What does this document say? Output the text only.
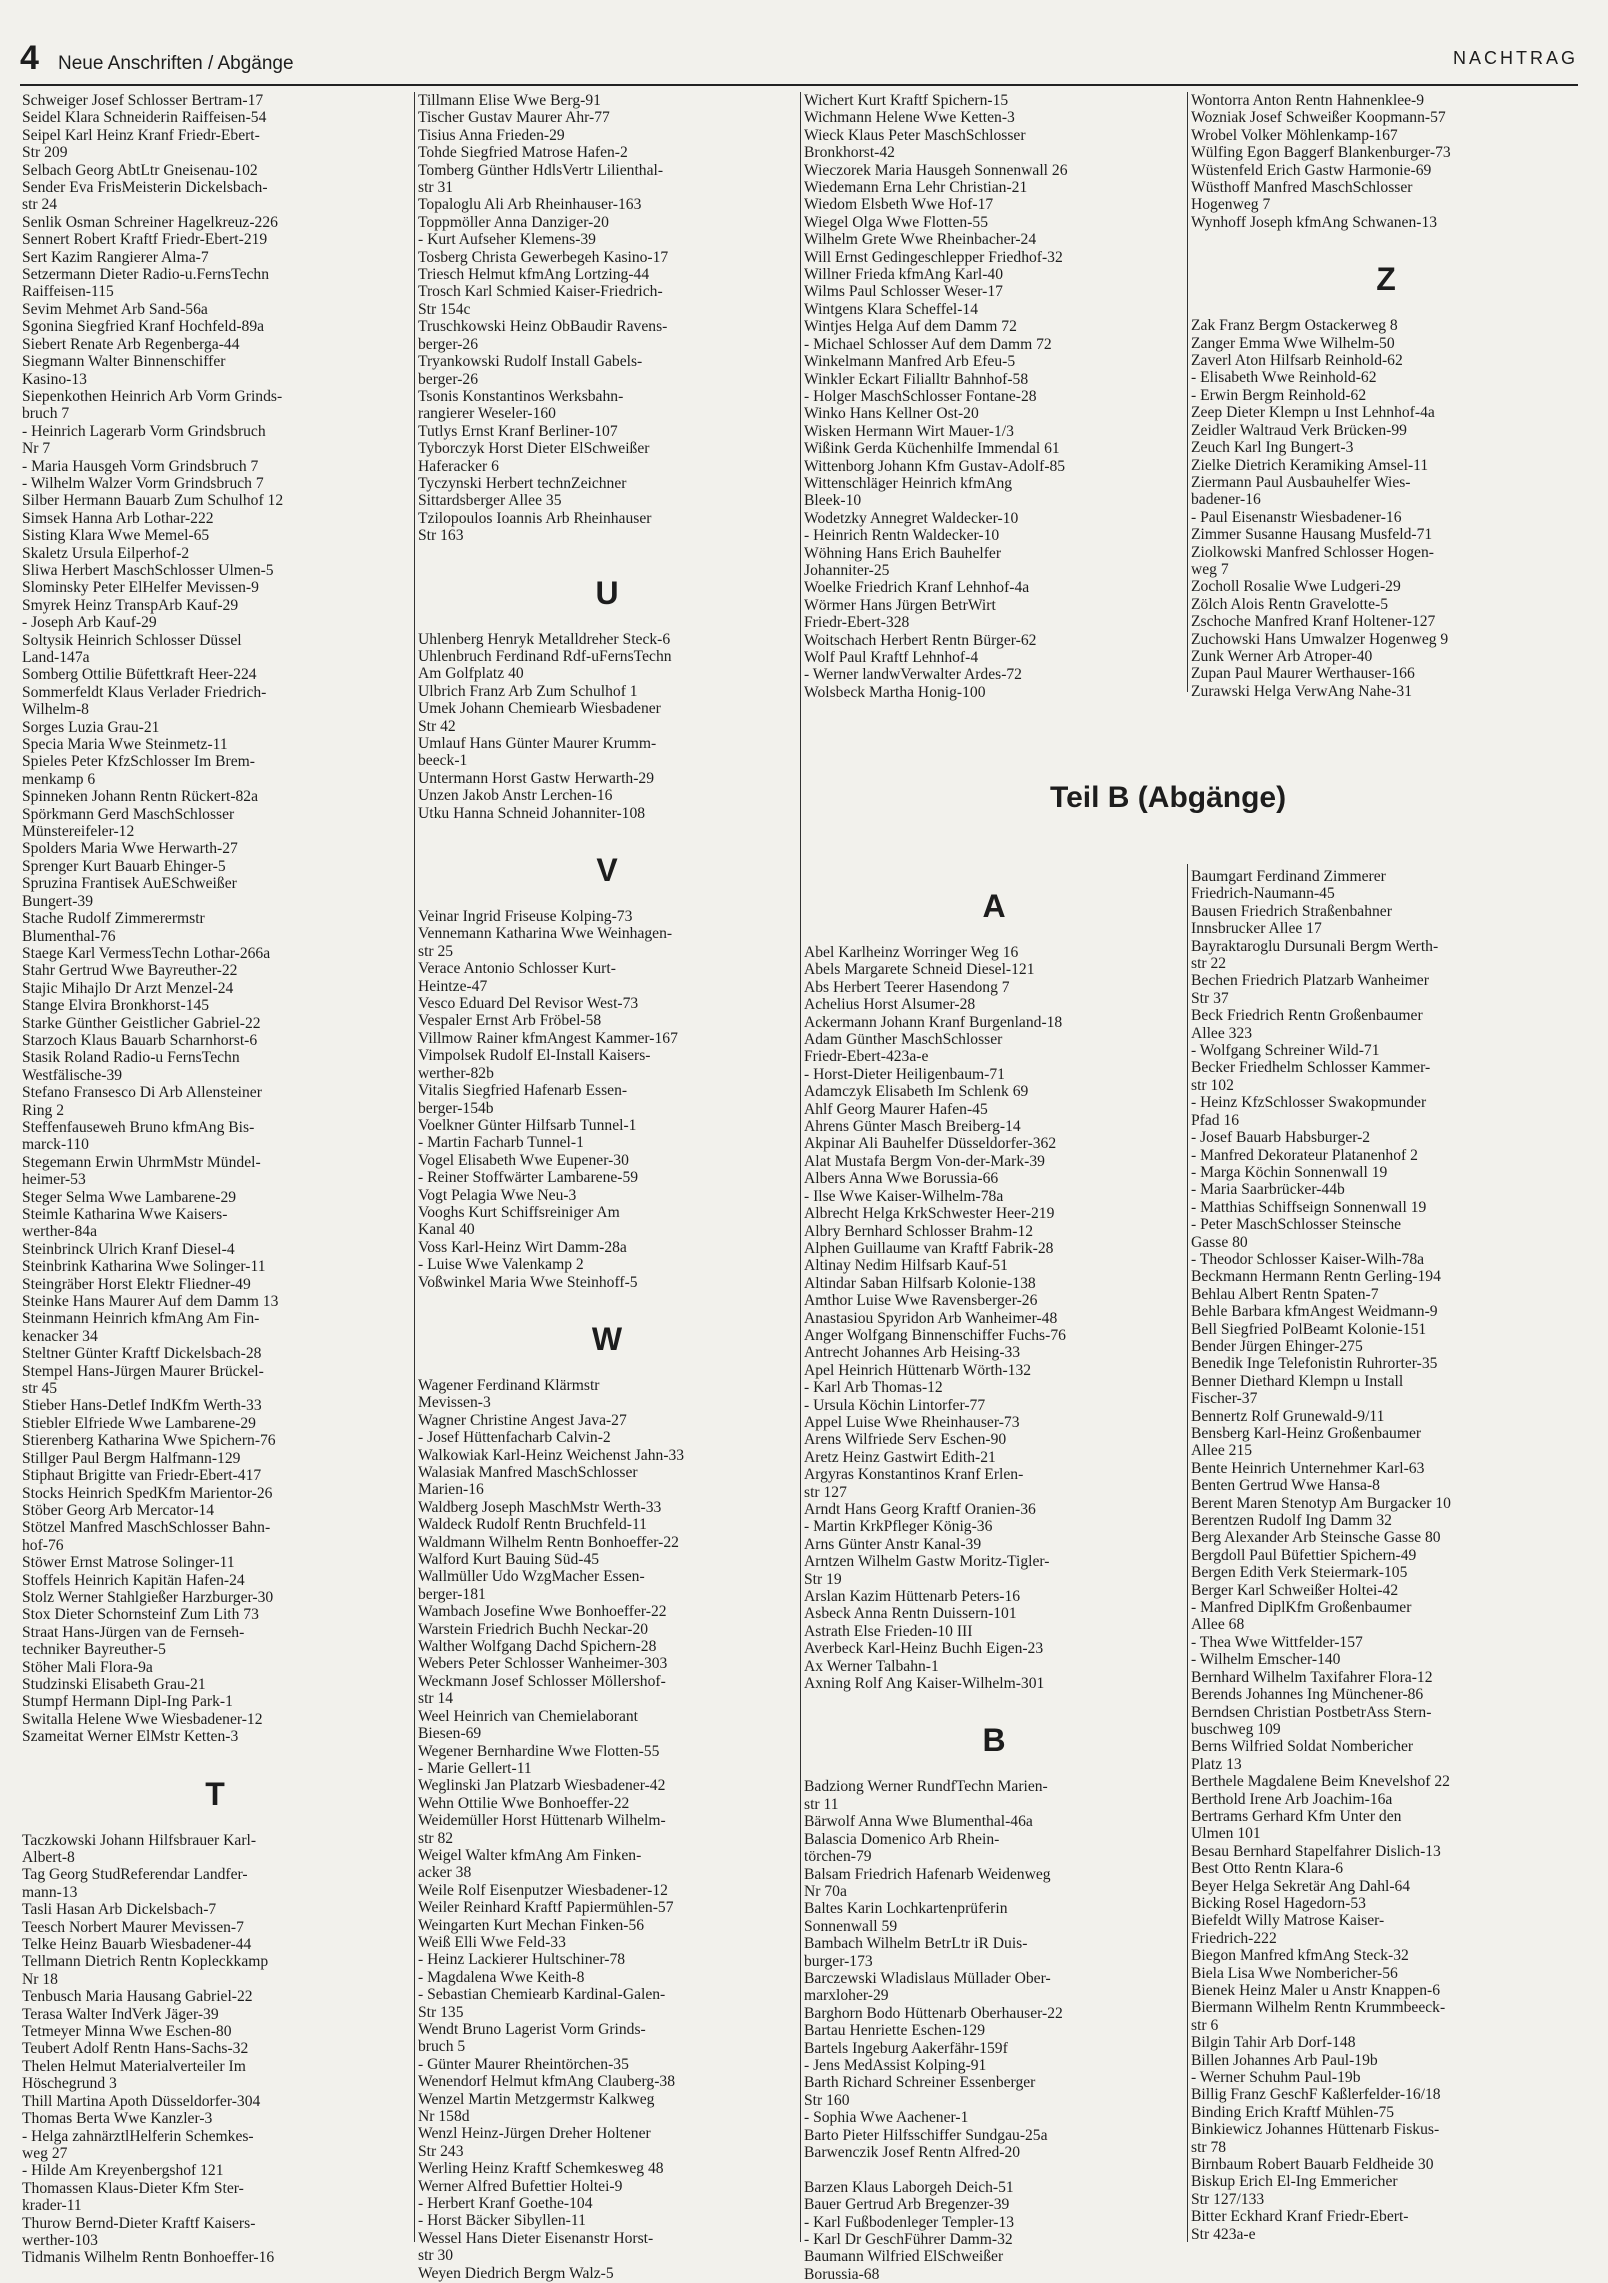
4 Neue Anschriften / Abgänge	NACHTRAG

Schweiger Josef Schlosser Bertram-17

Seidel Klara Schneiderin Raiffeisen-54

Seipel Karl Heinz Kranf Friedr-Ebert-

Str 209

Selbach Georg AbtLtr Gneisenau-102

Sender Eva FrisMeisterin Dickelsbach-

str 24

Senlik Osman Schreiner Hagelkreuz-226

Sennert Robert Kraftf Friedr-Ebert-219

Sert Kazim Rangierer Alma-7

Setzermann Dieter Radio-u.FernsTechn

Raiffeisen-115

Sevim Mehmet Arb Sand-56a

Sgonina Siegfried Kranf Hochfeld-89a

Siebert Renate Arb Regenberga-44

Siegmann Walter Binnenschiffer

Kasino-13

Siepenkothen Heinrich Arb Vorm Grinds-

bruch 7

- Heinrich Lagerarb Vorm Grindsbruch

Nr 7

- Maria Hausgeh Vorm Grindsbruch 7

- Wilhelm Walzer Vorm Grindsbruch 7

Silber Hermann Bauarb Zum Schulhof 12

Simsek Hanna Arb Lothar-222

Sisting Klara Wwe Memel-65

Skaletz Ursula Eilperhof-2

Sliwa Herbert MaschSchlosser Ulmen-5

Slominsky Peter ElHelfer Mevissen-9

Smyrek Heinz TranspArb Kauf-29

- Joseph Arb Kauf-29

Soltysik Heinrich Schlosser Düssel

Land-147a

Somberg Ottilie Büfettkraft Heer-224

Sommerfeldt Klaus Verlader Friedrich-

Wilhelm-8

Sorges Luzia Grau-21

Specia Maria Wwe Steinmetz-11

Spieles Peter KfzSchlosser Im Brem-

menkamp 6

Spinneken Johann Rentn Rückert-82a

Spörkmann Gerd MaschSchlosser

Münstereifeler-12

Spolders Maria Wwe Herwarth-27

Sprenger Kurt Bauarb Ehinger-5

Spruzina Frantisek AuESchweißer

Bungert-39

Stache Rudolf Zimmerermstr

Blumenthal-76

Staege Karl VermessTechn Lothar-266a

Stahr Gertrud Wwe Bayreuther-22

Stajic Mihajlo Dr Arzt Menzel-24

Stange Elvira Bronkhorst-145

Starke Günther Geistlicher Gabriel-22

Starzoch Klaus Bauarb Scharnhorst-6

Stasik Roland Radio-u FernsTechn

Westfälische-39

Stefano Fransesco Di Arb Allensteiner

Ring 2

Steffenfauseweh Bruno kfmAng Bis-

marck-110

Stegemann Erwin UhrmMstr Mündel-

heimer-53

Steger Selma Wwe Lambarene-29

Steimle Katharina Wwe Kaisers-

werther-84a

Steinbrinck Ulrich Kranf Diesel-4

Steinbrink Katharina Wwe Solinger-11

Steingräber Horst Elektr Fliedner-49

Steinke Hans Maurer Auf dem Damm 13

Steinmann Heinrich kfmAng Am Fin-

kenacker 34

Steltner Günter Kraftf Dickelsbach-28

Stempel Hans-Jürgen Maurer Brückel-

str 45

Stieber Hans-Detlef IndKfm Werth-33

Stiebler Elfriede Wwe Lambarene-29

Stierenberg Katharina Wwe Spichern-76

Stillger Paul Bergm Halfmann-129

Stiphaut Brigitte van Friedr-Ebert-417

Stocks Heinrich SpedKfm Marientor-26

Stöber Georg Arb Mercator-14

Stötzel Manfred MaschSchlosser Bahn-

hof-76

Stöwer Ernst Matrose Solinger-11

Stoffels Heinrich Kapitän Hafen-24

Stolz Werner Stahlgießer Harzburger-30

Stox Dieter Schornsteinf Zum Lith 73

Straat Hans-Jürgen van de Fernseh-

techniker Bayreuther-5

Stöher Mali Flora-9a

Studzinski Elisabeth Grau-21

Stumpf Hermann Dipl-Ing Park-1

Switalla Helene Wwe Wiesbadener-12

Szameitat Werner ElMstr Ketten-3

T

Taczkowski Johann Hilfsbrauer Karl-

Albert-8

Tag Georg StudReferendar Landfer-

mann-13

Tasli Hasan Arb Dickelsbach-7

Teesch Norbert Maurer Mevissen-7

Telke Heinz Bauarb Wiesbadener-44

Tellmann Dietrich Rentn Kopleckkamp

Nr 18

Tenbusch Maria Hausang Gabriel-22

Terasa Walter IndVerk Jäger-39

Tetmeyer Minna Wwe Eschen-80

Teubert Adolf Rentn Hans-Sachs-32

Thelen Helmut Materialverteiler Im

Höschegrund 3

Thill Martina Apoth Düsseldorfer-304

Thomas Berta Wwe Kanzler-3

- Helga zahnärztlHelferin Schemkes-

weg 27

- Hilde Am Kreyenbergshof 121

Thomassen Klaus-Dieter Kfm Ster-

krader-11

Thurow Bernd-Dieter Kraftf Kaisers-

werther-103

Tidmanis Wilhelm Rentn Bonhoeffer-16

Tillmann Elise Wwe Berg-91

Tischer Gustav Maurer Ahr-77

Tisius Anna Frieden-29

Tohde Siegfried Matrose Hafen-2

Tomberg Günther HdlsVertr Lilienthal-

str 31

Topaloglu Ali Arb Rheinhauser-163

Toppmöller Anna Danziger-20

- Kurt Aufseher Klemens-39

Tosberg Christa Gewerbegeh Kasino-17

Triesch Helmut kfmAng Lortzing-44

Trosch Karl Schmied Kaiser-Friedrich-

Str 154c

Truschkowski Heinz ObBaudir Ravens-

berger-26

Tryankowski Rudolf Install Gabels-

berger-26

Tsonis Konstantinos Werksbahn-

rangierer Weseler-160

Tutlys Ernst Kranf Berliner-107

Tyborczyk Horst Dieter ElSchweißer

Haferacker 6

Tyczynski Herbert technZeichner

Sittardsberger Allee 35

Tzilopoulos Ioannis Arb Rheinhauser

Str 163

U

Uhlenberg Henryk Metalldreher Steck-6

Uhlenbruch Ferdinand Rdf-uFernsTechn

Am Golfplatz 40

Ulbrich Franz Arb Zum Schulhof 1

Umek Johann Chemiearb Wiesbadener

Str 42

Umlauf Hans Günter Maurer Krumm-

beeck-1

Untermann Horst Gastw Herwarth-29

Unzen Jakob Anstr Lerchen-16

Utku Hanna Schneid Johanniter-108

V

Veinar Ingrid Friseuse Kolping-73

Vennemann Katharina Wwe Weinhagen-

str 25

Verace Antonio Schlosser Kurt-

Heintze-47

Vesco Eduard Del Revisor West-73

Vespaler Ernst Arb Fröbel-58

Villmow Rainer kfmAngest Kammer-167

Vimpolsek Rudolf El-Install Kaisers-

werther-82b

Vitalis Siegfried Hafenarb Essen-

berger-154b

Voelkner Günter Hilfsarb Tunnel-1

- Martin Facharb Tunnel-1

Vogel Elisabeth Wwe Eupener-30

- Reiner Stoffwärter Lambarene-59

Vogt Pelagia Wwe Neu-3

Vooghs Kurt Schiffsreiniger Am

Kanal 40

Voss Karl-Heinz Wirt Damm-28a

- Luise Wwe Valenkamp 2

Voßwinkel Maria Wwe Steinhoff-5

W

Wagener Ferdinand Klärmstr

Mevissen-3

Wagner Christine Angest Java-27

- Josef Hüttenfacharb Calvin-2

Walkowiak Karl-Heinz Weichenst Jahn-33

Walasiak Manfred MaschSchlosser

Marien-16

Waldberg Joseph MaschMstr Werth-33

Waldeck Rudolf Rentn Bruchfeld-11

Waldmann Wilhelm Rentn Bonhoeffer-22

Walford Kurt Bauing Süd-45

Wallmüller Udo WzgMacher Essen-

berger-181

Wambach Josefine Wwe Bonhoeffer-22

Warstein Friedrich Buchh Neckar-20

Walther Wolfgang Dachd Spichern-28

Webers Peter Schlosser Wanheimer-303

Weckmann Josef Schlosser Möllershof-

str 14

Weel Heinrich van Chemielaborant

Biesen-69

Wegener Bernhardine Wwe Flotten-55

- Marie Gellert-11

Weglinski Jan Platzarb Wiesbadener-42

Wehn Ottilie Wwe Bonhoeffer-22

Weidemüller Horst Hüttenarb Wilhelm-

str 82

Weigel Walter kfmAng Am Finken-

acker 38

Weile Rolf Eisenputzer Wiesbadener-12

Weiler Reinhard Kraftf Papiermühlen-57

Weingarten Kurt Mechan Finken-56

Weiß Elli Wwe Feld-33

- Heinz Lackierer Hultschiner-78

- Magdalena Wwe Keith-8

- Sebastian Chemiearb Kardinal-Galen-

Str 135

Wendt Bruno Lagerist Vorm Grinds-

bruch 5

- Günter Maurer Rheintörchen-35

Wenendorf Helmut kfmAng Clauberg-38

Wenzel Martin Metzgermstr Kalkweg

Nr 158d

Wenzl Heinz-Jürgen Dreher Holtener

Str 243

Werling Heinz Kraftf Schemkesweg 48

Werner Alfred Bufettier Holtei-9

- Herbert Kranf Goethe-104

- Horst Bäcker Sibyllen-11

Wessel Hans Dieter Eisenanstr Horst-

str 30

Weyen Diedrich Bergm Walz-5

Wichert Kurt Kraftf Spichern-15

Wichmann Helene Wwe Ketten-3

Wieck Klaus Peter MaschSchlosser

Bronkhorst-42

Wieczorek Maria Hausgeh Sonnenwall 26

Wiedemann Erna Lehr Christian-21

Wiedom Elsbeth Wwe Hof-17

Wiegel Olga Wwe Flotten-55

Wilhelm Grete Wwe Rheinbacher-24

Will Ernst Gedingeschlepper Friedhof-32

Willner Frieda kfmAng Karl-40

Wilms Paul Schlosser Weser-17

Wintgens Klara Scheffel-14

Wintjes Helga Auf dem Damm 72

- Michael Schlosser Auf dem Damm 72

Winkelmann Manfred Arb Efeu-5

Winkler Eckart Filialltr Bahnhof-58

- Holger MaschSchlosser Fontane-28

Winko Hans Kellner Ost-20

Wisken Hermann Wirt Mauer-1/3

Wißink Gerda Küchenhilfe Immendal 61

Wittenborg Johann Kfm Gustav-Adolf-85

Wittenschläger Heinrich kfmAng

Bleek-10

Wodetzky Annegret Waldecker-10

- Heinrich Rentn Waldecker-10

Wöhning Hans Erich Bauhelfer

Johanniter-25

Woelke Friedrich Kranf Lehnhof-4a

Wörmer Hans Jürgen BetrWirt

Friedr-Ebert-328

Woitschach Herbert Rentn Bürger-62

Wolf Paul Kraftf Lehnhof-4

- Werner landwVerwalter Ardes-72

Wolsbeck Martha Honig-100

Wontorra Anton Rentn Hahnenklee-9

Wozniak Josef Schweißer Koopmann-57

Wrobel Volker Möhlenkamp-167

Wülfing Egon Baggerf Blankenburger-73

Wüstenfeld Erich Gastw Harmonie-69

Wüsthoff Manfred MaschSchlosser

Hogenweg 7

Wynhoff Joseph kfmAng Schwanen-13

Z

Zak Franz Bergm Ostackerweg 8

Zanger Emma Wwe Wilhelm-50

Zaverl Aton Hilfsarb Reinhold-62

- Elisabeth Wwe Reinhold-62

- Erwin Bergm Reinhold-62

Zeep Dieter Klempn u Inst Lehnhof-4a

Zeidler Waltraud Verk Brücken-99

Zeuch Karl Ing Bungert-3

Zielke Dietrich Keramiking Amsel-11

Ziermann Paul Ausbauhelfer Wies-

badener-16

- Paul Eisenanstr Wiesbadener-16

Zimmer Susanne Hausang Musfeld-71

Ziolkowski Manfred Schlosser Hogen-

weg 7

Zocholl Rosalie Wwe Ludgeri-29

Zölch Alois Rentn Gravelotte-5

Zschoche Manfred Kranf Holtener-127

Zuchowski Hans Umwalzer Hogenweg 9

Zunk Werner Arb Atroper-40

Zupan Paul Maurer Werthauser-166

Zurawski Helga VerwAng Nahe-31

Teil B (Abgänge)
A

Abel Karlheinz Worringer Weg 16

Abels Margarete Schneid Diesel-121

Abs Herbert Teerer Hasendong 7

Achelius Horst Alsumer-28

Ackermann Johann Kranf Burgenland-18

Adam Günther MaschSchlosser

Friedr-Ebert-423a-e

- Horst-Dieter Heiligenbaum-71

Adamczyk Elisabeth Im Schlenk 69

Ahlf Georg Maurer Hafen-45

Ahrens Günter Masch Breiberg-14

Akpinar Ali Bauhelfer Düsseldorfer-362

Alat Mustafa Bergm Von-der-Mark-39

Albers Anna Wwe Borussia-66

- Ilse Wwe Kaiser-Wilhelm-78a

Albrecht Helga KrkSchwester Heer-219

Albry Bernhard Schlosser Brahm-12

Alphen Guillaume van Kraftf Fabrik-28

Altinay Nedim Hilfsarb Kauf-51

Altindar Saban Hilfsarb Kolonie-138

Amthor Luise Wwe Ravensberger-26

Anastasiou Spyridon Arb Wanheimer-48

Anger Wolfgang Binnenschiffer Fuchs-76

Antrecht Johannes Arb Heising-33

Apel Heinrich Hüttenarb Wörth-132

- Karl Arb Thomas-12

- Ursula Köchin Lintorfer-77

Appel Luise Wwe Rheinhauser-73

Arens Wilfriede Serv Eschen-90

Aretz Heinz Gastwirt Edith-21

Argyras Konstantinos Kranf Erlen-

str 127

Arndt Hans Georg Kraftf Oranien-36

- Martin KrkPfleger König-36

Arns Günter Anstr Kanal-39

Arntzen Wilhelm Gastw Moritz-Tigler-

Str 19

Arslan Kazim Hüttenarb Peters-16

Asbeck Anna Rentn Duissern-101

Astrath Else Frieden-10 III

Averbeck Karl-Heinz Buchh Eigen-23

Ax Werner Talbahn-1

Axning Rolf Ang Kaiser-Wilhelm-301

B

Badziong Werner RundfTechn Marien-

str 11

Bärwolf Anna Wwe Blumenthal-46a

Balascia Domenico Arb Rhein-

törchen-79

Balsam Friedrich Hafenarb Weidenweg

Nr 70a

Baltes Karin Lochkartenprüferin

Sonnenwall 59

Bambach Wilhelm BetrLtr iR Duis-

burger-173

Barczewski Wladislaus Müllader Ober-

marxloher-29

Barghorn Bodo Hüttenarb Oberhauser-22

Bartau Henriette Eschen-129

Bartels Ingeburg Aakerfähr-159f

- Jens MedAssist Kolping-91

Barth Richard Schreiner Essenberger

Str 160

- Sophia Wwe Aachener-1

Barto Pieter Hilfsschiffer Sundgau-25a

Barwenczik Josef Rentn Alfred-20

Barzen Klaus Laborgeh Deich-51

Bauer Gertrud Arb Bregenzer-39

- Karl Fußbodenleger Templer-13

- Karl Dr GeschFührer Damm-32

Baumann Wilfried ElSchweißer

Borussia-68

Baumgart Ferdinand Zimmerer

Friedrich-Naumann-45

Bausen Friedrich Straßenbahner

Innsbrucker Allee 17

Bayraktaroglu Dursunali Bergm Werth-

str 22

Bechen Friedrich Platzarb Wanheimer

Str 37

Beck Friedrich Rentn Großenbaumer

Allee 323

- Wolfgang Schreiner Wild-71

Becker Friedhelm Schlosser Kammer-

str 102

- Heinz KfzSchlosser Swakopmunder

Pfad 16

- Josef Bauarb Habsburger-2

- Manfred Dekorateur Platanenhof 2

- Marga Köchin Sonnenwall 19

- Maria Saarbrücker-44b

- Matthias Schiffseign Sonnenwall 19

- Peter MaschSchlosser Steinsche

Gasse 80

- Theodor Schlosser Kaiser-Wilh-78a

Beckmann Hermann Rentn Gerling-194

Behlau Albert Rentn Spaten-7

Behle Barbara kfmAngest Weidmann-9

Bell Siegfried PolBeamt Kolonie-151

Bender Jürgen Ehinger-275

Benedik Inge Telefonistin Ruhrorter-35

Benner Diethard Klempn u Install

Fischer-37

Bennertz Rolf Grunewald-9/11

Bensberg Karl-Heinz Großenbaumer

Allee 215

Bente Heinrich Unternehmer Karl-63

Benten Gertrud Wwe Hansa-8

Berent Maren Stenotyp Am Burgacker 10

Berentzen Rudolf Ing Damm 32

Berg Alexander Arb Steinsche Gasse 80

Bergdoll Paul Büfettier Spichern-49

Bergen Edith Verk Steiermark-105

Berger Karl Schweißer Holtei-42

- Manfred DiplKfm Großenbaumer

Allee 68

- Thea Wwe Wittfelder-157

- Wilhelm Emscher-140

Bernhard Wilhelm Taxifahrer Flora-12

Berends Johannes Ing Münchener-86

Berndsen Christian PostbetrAss Stern-

buschweg 109

Berns Wilfried Soldat Nombericher

Platz 13

Berthele Magdalene Beim Knevelshof 22

Berthold Irene Arb Joachim-16a

Bertrams Gerhard Kfm Unter den

Ulmen 101

Besau Bernhard Stapelfahrer Dislich-13

Best Otto Rentn Klara-6

Beyer Helga Sekretär Ang Dahl-64

Bicking Rosel Hagedorn-53

Biefeldt Willy Matrose Kaiser-

Friedrich-222

Biegon Manfred kfmAng Steck-32

Biela Lisa Wwe Nombericher-56

Bienek Heinz Maler u Anstr Knappen-6

Biermann Wilhelm Rentn Krummbeeck-

str 6

Bilgin Tahir Arb Dorf-148

Billen Johannes Arb Paul-19b

- Werner Schuhm Paul-19b

Billig Franz GeschF Kaßlerfelder-16/18

Binding Erich Kraftf Mühlen-75

Binkiewicz Johannes Hüttenarb Fiskus-

str 78

Birnbaum Robert Bauarb Feldheide 30

Biskup Erich El-Ing Emmericher

Str 127/133

Bitter Eckhard Kranf Friedr-Ebert-

Str 423a-e
